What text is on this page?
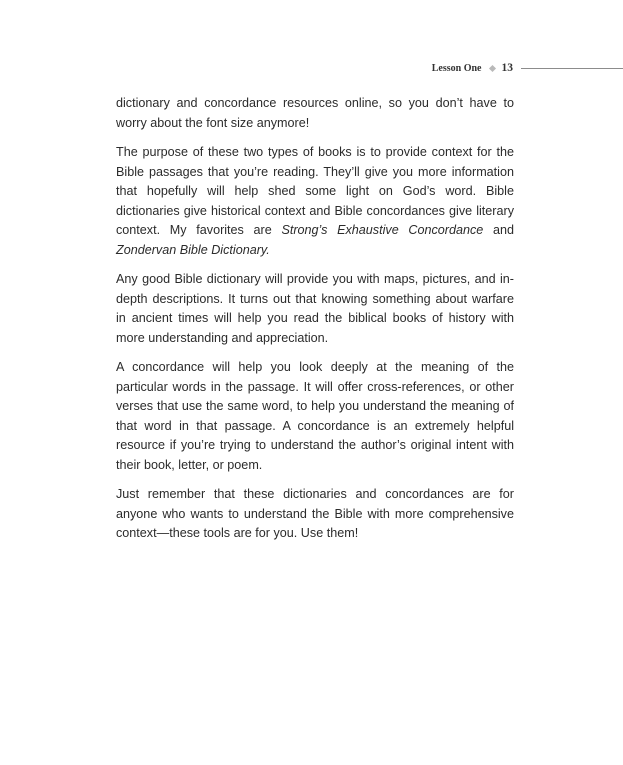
Lesson One 13

dictionary and concordance resources online, so you don’t have to worry about the font size anymore!

The purpose of these two types of books is to provide context for the Bible passages that you’re reading. They’ll give you more information that hopefully will help shed some light on God’s word. Bible dictionaries give historical context and Bible concordances give literary context. My favorites are Strong’s Exhaustive Concordance and Zondervan Bible Dictionary.

Any good Bible dictionary will provide you with maps, pictures, and in-depth descriptions. It turns out that knowing something about warfare in ancient times will help you read the biblical books of history with more understanding and appreciation.

A concordance will help you look deeply at the meaning of the particular words in the passage. It will offer cross-references, or other verses that use the same word, to help you understand the meaning of that word in that passage. A concordance is an extremely helpful resource if you’re trying to understand the author’s original intent with their book, letter, or poem.

Just remember that these dictionaries and concordances are for anyone who wants to understand the Bible with more comprehensive context—these tools are for you. Use them!
